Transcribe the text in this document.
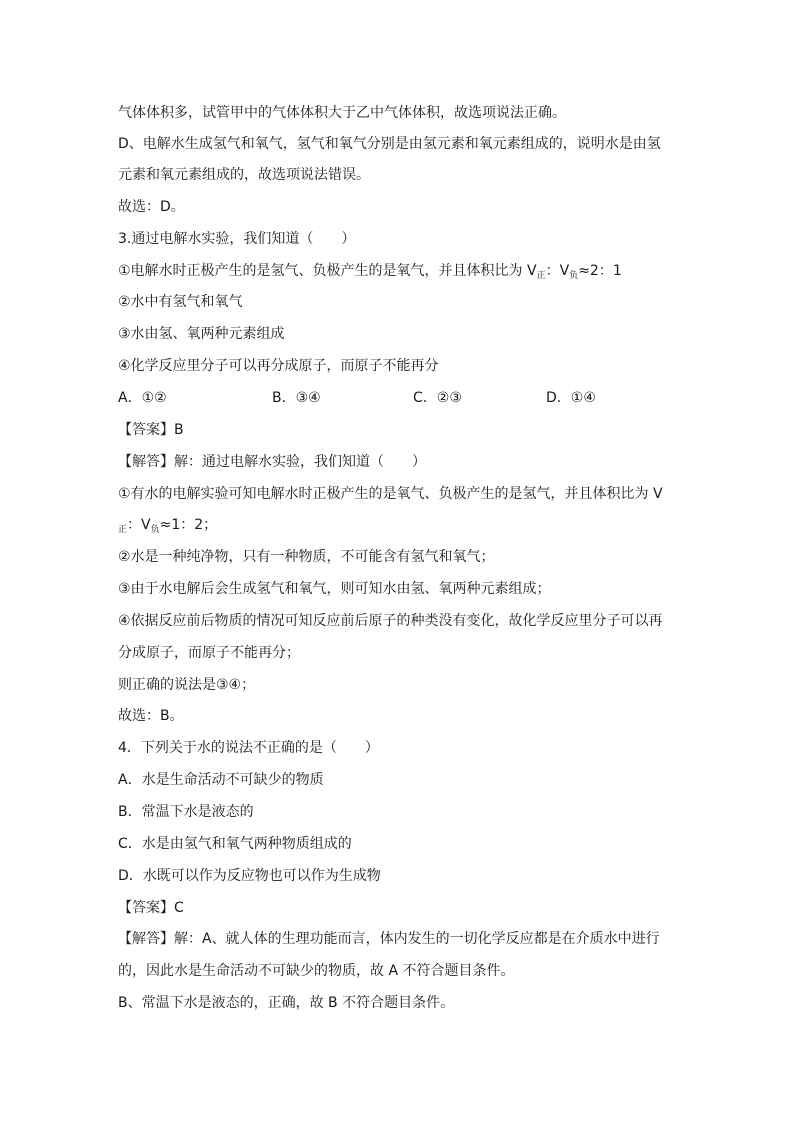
气体体积多，试管甲中的气体体积大于乙中气体体积，故选项说法正确。
D、电解水生成氢气和氧气，氢气和氧气分别是由氢元素和氧元素组成的，说明水是由氢
元素和氧元素组成的，故选项说法错误。
故选：D。
3.通过电解水实验，我们知道（　　）
①电解水时正极产生的是氢气、负极产生的是氧气，并且体积比为 $V_正$：$V_负\approx 2$：1
②水中有氢气和氧气
③水由氢、氧两种元素组成
④化学反应里分子可以再分成原子，而原子不能再分
A．①②	B．③④	C．②③	D．①④
【答案】B
【解答】解：通过电解水实验，我们知道（　　）
①有水的电解实验可知电解水时正极产生的是氧气、负极产生的是氢气，并且体积比为 V
$_正$：$V_负\approx 1$：2；
②水是一种纯净物，只有一种物质，不可能含有氢气和氧气；
③由于水电解后会生成氢气和氧气，则可知水由氢、氧两种元素组成；
④依据反应前后物质的情况可知反应前后原子的种类没有变化，故化学反应里分子可以再
分成原子，而原子不能再分；
则正确的说法是③④；
故选：B。
4．下列关于水的说法不正确的是（　　）
A．水是生命活动不可缺少的物质
B．常温下水是液态的
C．水是由氢气和氧气两种物质组成的
D．水既可以作为反应物也可以作为生成物
【答案】C
【解答】解：A、就人体的生理功能而言，体内发生的一切化学反应都是在介质水中进行
的，因此水是生命活动不可缺少的物质，故 A 不符合题目条件。
B、常温下水是液态的，正确，故 B 不符合题目条件。
